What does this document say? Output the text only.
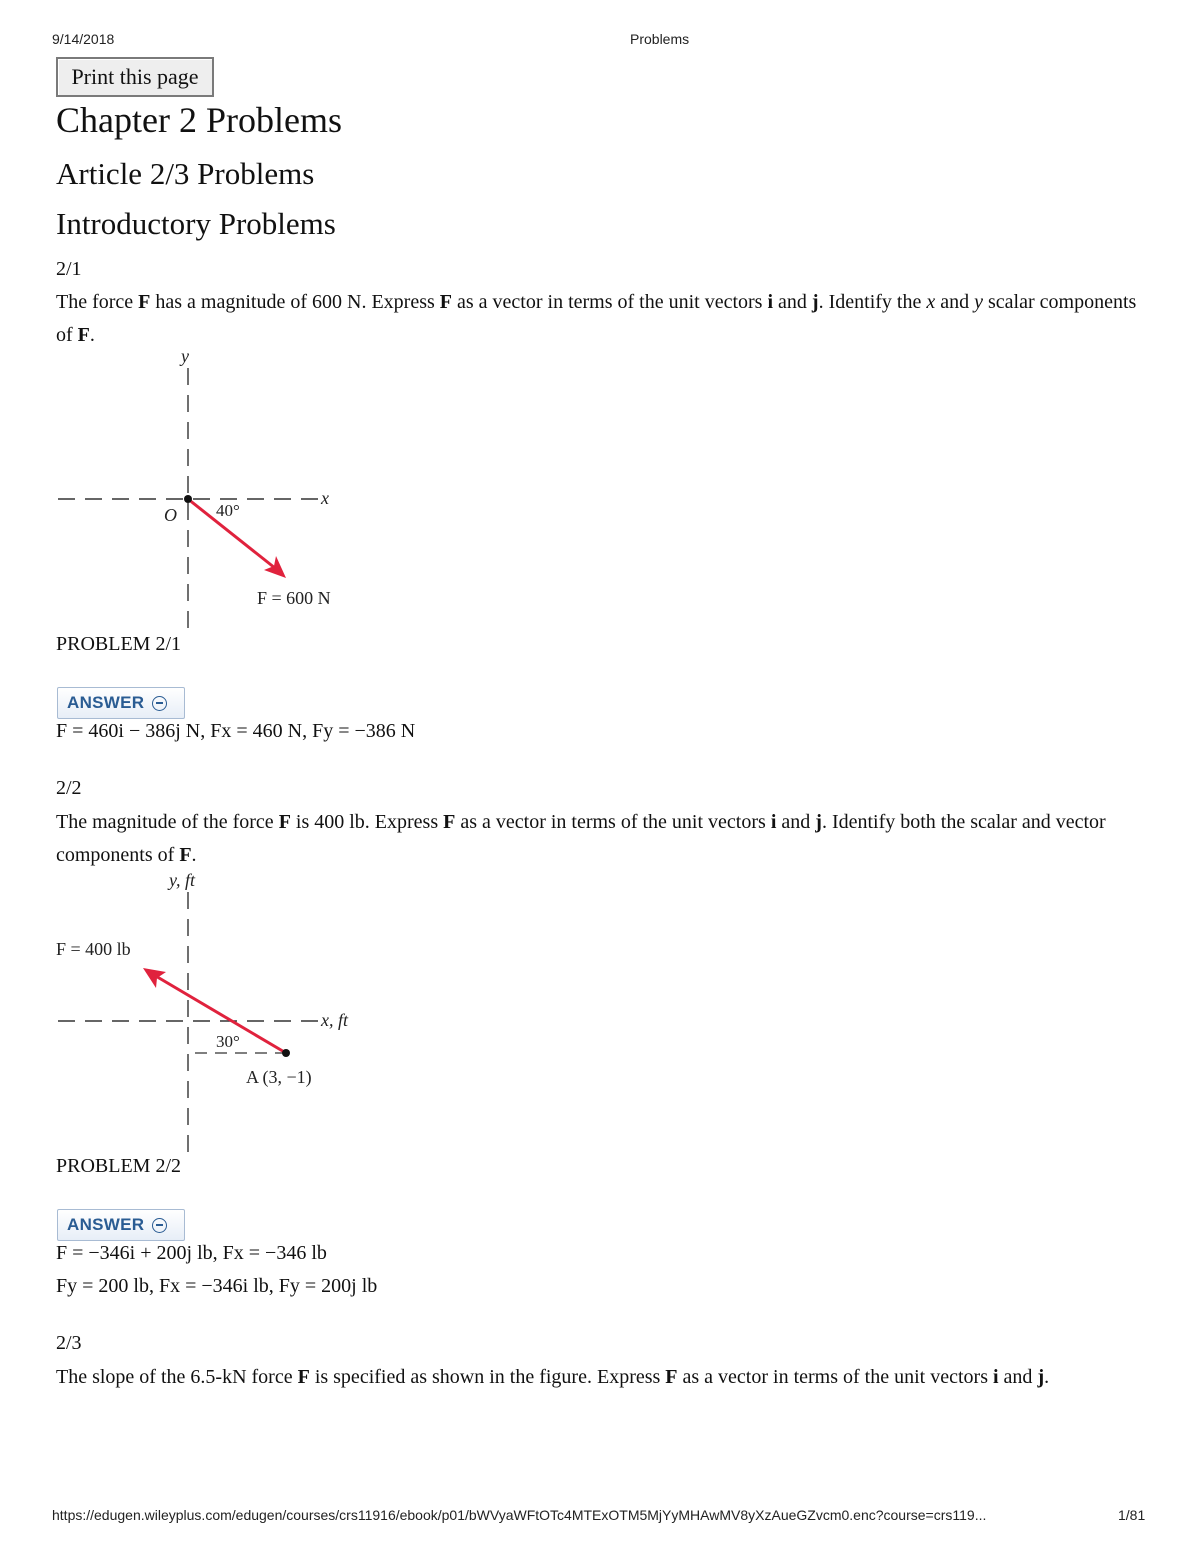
9/14/2018	Problems
https://edugen.wileyplus.com/edugen/courses/crs11916/ebook/p01/bWVyaWFtOTc4MTExOTM5MjYyMHAwMV8yXzAueGZvcm0.enc?course=crs119...	1/81
Print this page
Chapter 2 Problems
Article 2/3 Problems
Introductory Problems
2/1
The force F has a magnitude of 600 N. Express F as a vector in terms of the unit vectors i and j. Identify the x and y scalar components of F.
y
x
O 40°
F = 600 N
PROBLEM 2/1
ANSWER
F = 460i − 386j N, Fx = 460 N, Fy = −386 N
2/2
The magnitude of the force F is 400 lb. Express F as a vector in terms of the unit vectors i and j. Identify both the scalar and vector components of F.
y, ft
x, ft
30°
F = 400 lb
A (3, −1)
PROBLEM 2/2
ANSWER
F = −346i + 200j lb, Fx = −346 lb
Fy = 200 lb, Fx = −346i lb, Fy = 200j lb
2/3
The slope of the 6.5-kN force F is specified as shown in the figure. Express F as a vector in terms of the unit vectors i and j.
